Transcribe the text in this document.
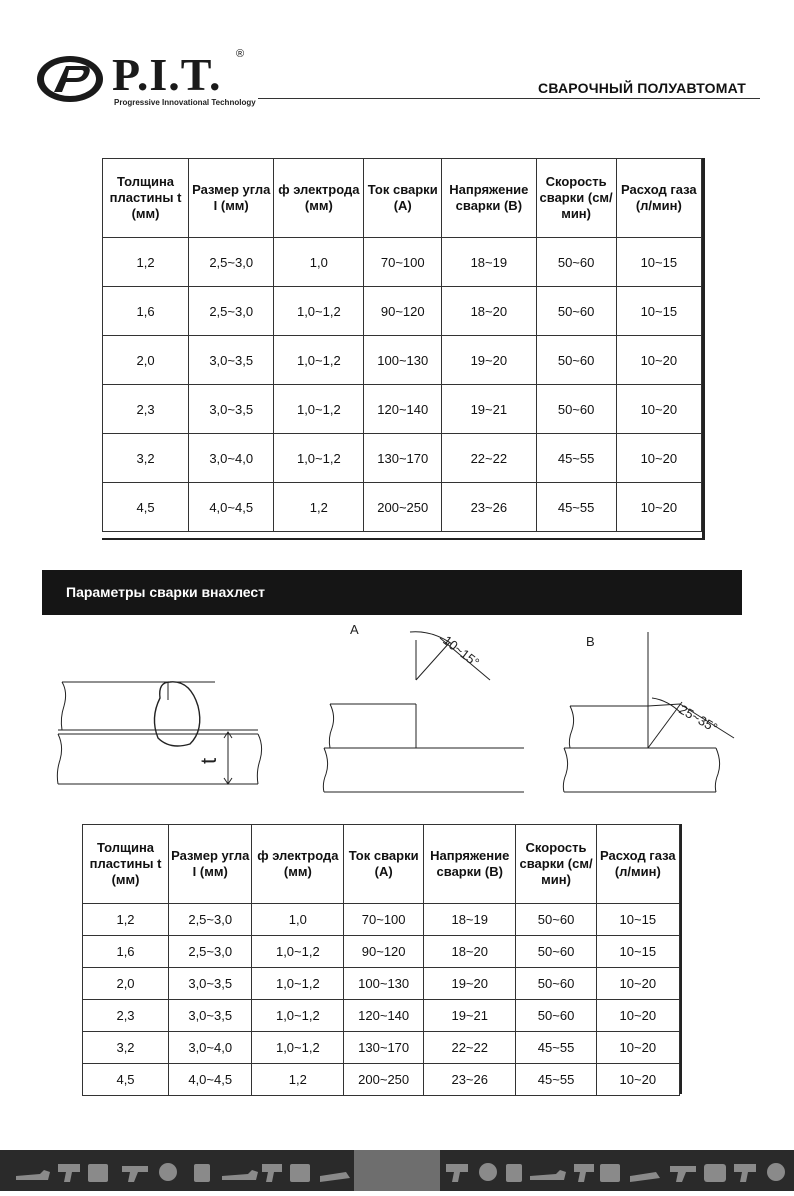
P.I.T. ®
Progressive Innovational Technology
СВАРОЧНЫЙ ПОЛУАВТОМАТ
Толщина пластины t (мм)	Размер угла I (мм)	ф электрода (мм)	Ток сварки (А)	Напряжение сварки (В)	Скорость сварки (см/мин)	Расход газа (л/мин)
1,2	2,5~3,0	1,0	70~100	18~19	50~60	10~15
1,6	2,5~3,0	1,0~1,2	90~120	18~20	50~60	10~15
2,0	3,0~3,5	1,0~1,2	100~130	19~20	50~60	10~20
2,3	3,0~3,5	1,0~1,2	120~140	19~21	50~60	10~20
3,2	3,0~4,0	1,0~1,2	130~170	22~22	45~55	10~20
4,5	4,0~4,5	1,2	200~250	23~26	45~55	10~20
Параметры сварки внахлест
A
B
10~15°
25~35°
t
Толщина пластины t (мм)	Размер угла I (мм)	ф электрода (мм)	Ток сварки (А)	Напряжение сварки (В)	Скорость сварки (см/мин)	Расход газа (л/мин)
1,2	2,5~3,0	1,0	70~100	18~19	50~60	10~15
1,6	2,5~3,0	1,0~1,2	90~120	18~20	50~60	10~15
2,0	3,0~3,5	1,0~1,2	100~130	19~20	50~60	10~20
2,3	3,0~3,5	1,0~1,2	120~140	19~21	50~60	10~20
3,2	3,0~4,0	1,0~1,2	130~170	22~22	45~55	10~20
4,5	4,0~4,5	1,2	200~250	23~26	45~55	10~20
